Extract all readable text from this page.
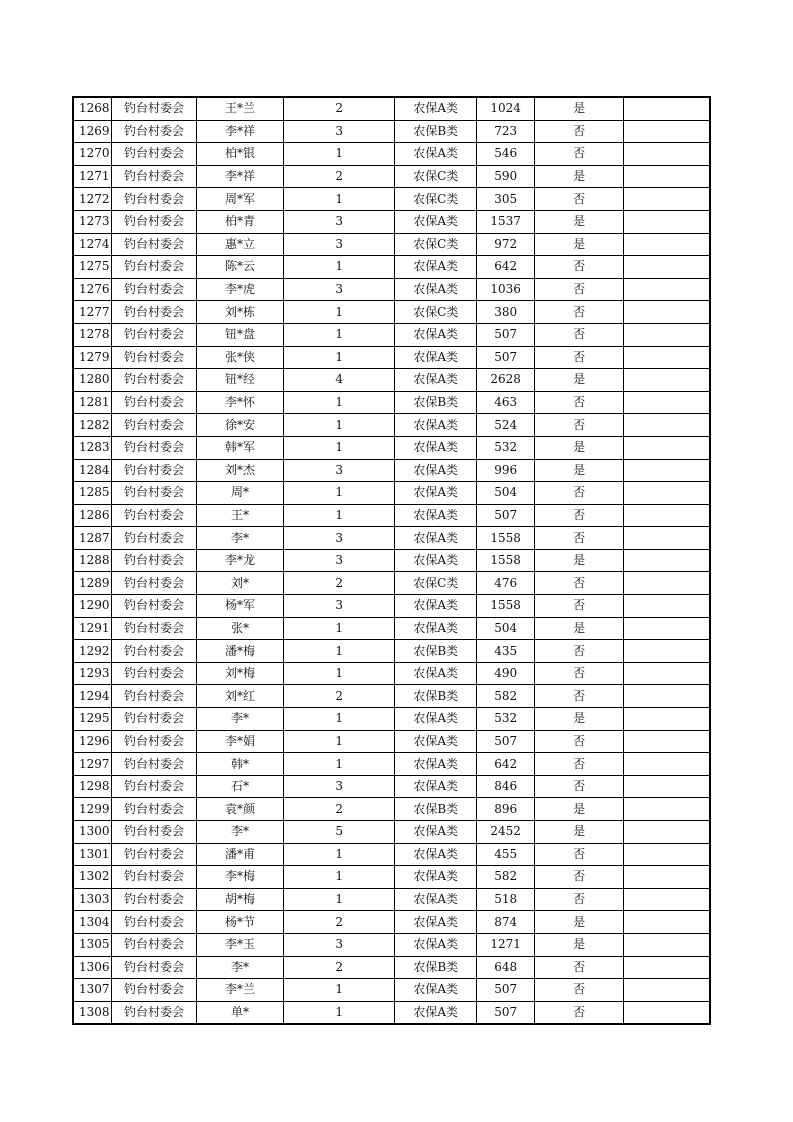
1268	钓台村委会	王*兰	2	农保A类	1024	是	
1269	钓台村委会	李*祥	3	农保B类	723	否	
1270	钓台村委会	柏*银	1	农保A类	546	否	
1271	钓台村委会	李*祥	2	农保C类	590	是	
1272	钓台村委会	周*军	1	农保C类	305	否	
1273	钓台村委会	柏*青	3	农保A类	1537	是	
1274	钓台村委会	惠*立	3	农保C类	972	是	
1275	钓台村委会	陈*云	1	农保A类	642	否	
1276	钓台村委会	李*虎	3	农保A类	1036	否	
1277	钓台村委会	刘*栋	1	农保C类	380	否	
1278	钓台村委会	钮*盘	1	农保A类	507	否	
1279	钓台村委会	张*侠	1	农保A类	507	否	
1280	钓台村委会	钮*经	4	农保A类	2628	是	
1281	钓台村委会	李*怀	1	农保B类	463	否	
1282	钓台村委会	徐*安	1	农保A类	524	否	
1283	钓台村委会	韩*军	1	农保A类	532	是	
1284	钓台村委会	刘*杰	3	农保A类	996	是	
1285	钓台村委会	周*	1	农保A类	504	否	
1286	钓台村委会	王*	1	农保A类	507	否	
1287	钓台村委会	李*	3	农保A类	1558	否	
1288	钓台村委会	李*龙	3	农保A类	1558	是	
1289	钓台村委会	刘*	2	农保C类	476	否	
1290	钓台村委会	杨*军	3	农保A类	1558	否	
1291	钓台村委会	张*	1	农保A类	504	是	
1292	钓台村委会	潘*梅	1	农保B类	435	否	
1293	钓台村委会	刘*梅	1	农保A类	490	否	
1294	钓台村委会	刘*红	2	农保B类	582	否	
1295	钓台村委会	李*	1	农保A类	532	是	
1296	钓台村委会	李*娟	1	农保A类	507	否	
1297	钓台村委会	韩*	1	农保A类	642	否	
1298	钓台村委会	石*	3	农保A类	846	否	
1299	钓台村委会	袁*颜	2	农保B类	896	是	
1300	钓台村委会	李*	5	农保A类	2452	是	
1301	钓台村委会	潘*甫	1	农保A类	455	否	
1302	钓台村委会	李*梅	1	农保A类	582	否	
1303	钓台村委会	胡*梅	1	农保A类	518	否	
1304	钓台村委会	杨*节	2	农保A类	874	是	
1305	钓台村委会	李*玉	3	农保A类	1271	是	
1306	钓台村委会	李*	2	农保B类	648	否	
1307	钓台村委会	李*兰	1	农保A类	507	否	
1308	钓台村委会	单*	1	农保A类	507	否	
